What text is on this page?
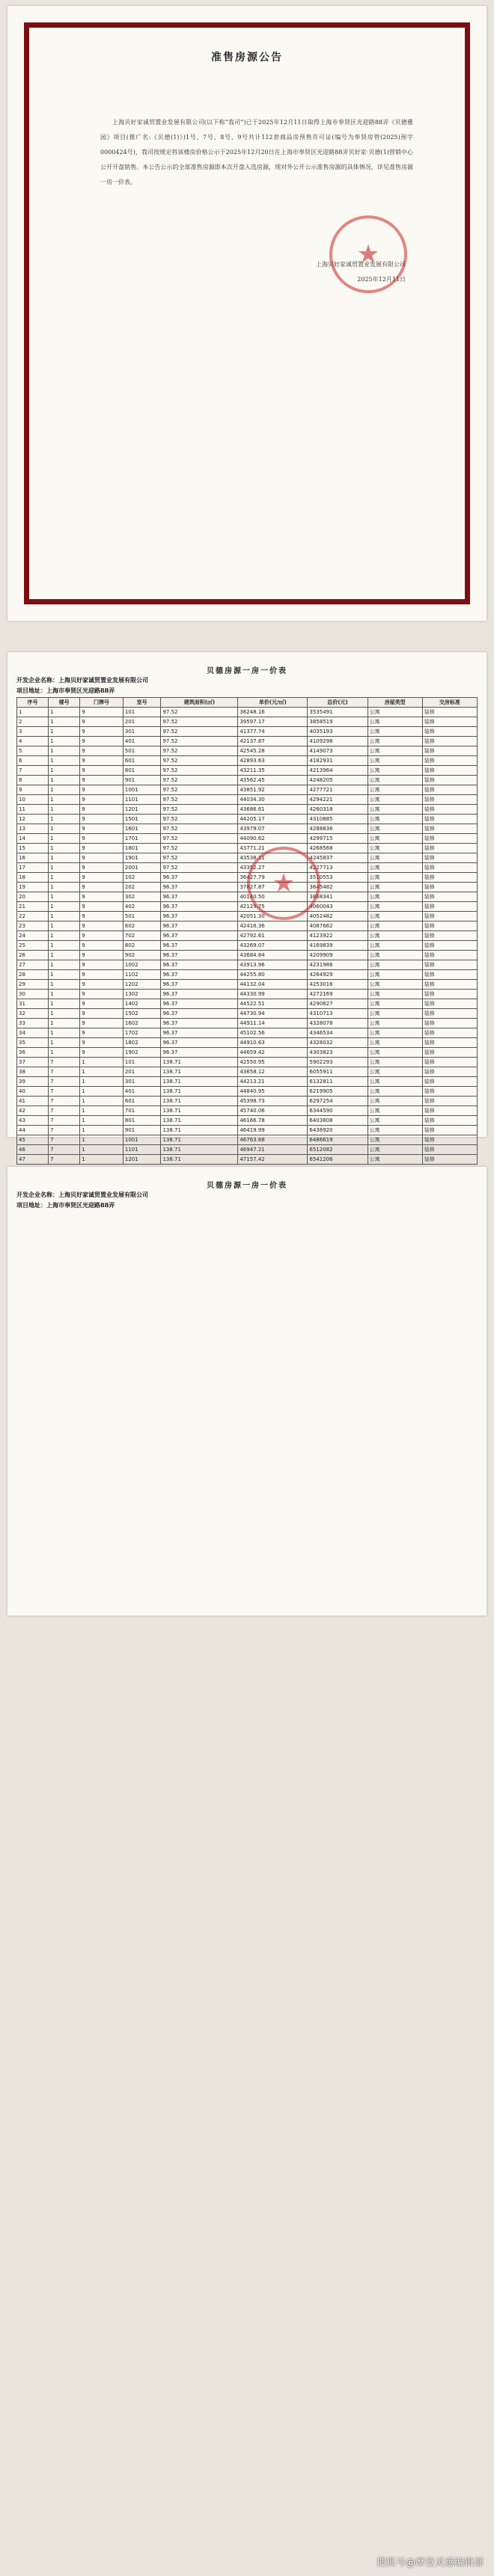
准售房源公告
上海贝好家诚贸置业发展有限公司(以下称“我司”)已于2025年12月11日取得上海市奉贤区光迎路88弄《贝德雅园》项目(推广名:《贝德(1)》)1号、7号、8号、9号共计112套商品房预售许可证(编号为奉贤房管(2025)预字0000424号)，我司按规定将该楼房价格公示于2025年12月20日在上海市奉贤区光迎路88弄贝好家·贝德(1)营销中心公开开盘销售。本公告公示的全部准售房源即本次开盘入选房源，现对外公开公示准售房源的具体情况，详见准售房源一房一价表。
上海贝好家诚贸置业发展有限公司
2025年12月11日
★
贝德房源一房一价表
开发企业名称：上海贝好家诚贸置业发展有限公司
项目地址：上海市奉贤区光迎路88弄
序号	楼号	门牌号	室号	建筑面积(㎡)	单价(元/㎡)	总价(元)	房屋类型	交房标准
1	1	9	101	97.52	36248.16	3535491	公寓	装修
2	1	9	201	97.52	39597.17	3858519	公寓	装修
3	1	9	301	97.52	41377.74	4035193	公寓	装修
4	1	9	401	97.52	42137.87	4109298	公寓	装修
5	1	9	501	97.52	42545.28	4149073	公寓	装修
6	1	9	601	97.52	42893.63	4182931	公寓	装修
7	1	9	801	97.52	43211.35	4213964	公寓	装修
8	1	9	901	97.52	43562.45	4248205	公寓	装修
9	1	9	1001	97.52	43851.92	4277721	公寓	装修
10	1	9	1101	97.52	44034.30	4294221	公寓	装修
11	1	9	1201	97.52	43686.61	4260318	公寓	装修
12	1	9	1501	97.52	44205.17	4310885	公寓	装修
13	1	9	1601	97.52	43979.07	4288836	公寓	装修
14	1	9	1701	97.52	44090.62	4299715	公寓	装修
15	1	9	1801	97.52	43771.21	4268568	公寓	装修
16	1	9	1901	97.52	43538.11	4245837	公寓	装修
17	1	9	2001	97.52	43352.27	4227713	公寓	装修
18	1	9	102	96.37	36427.79	3510553	公寓	装修
19	1	9	202	96.37	37827.87	3645482	公寓	装修
20	1	9	302	96.37	40140.50	3868341	公寓	装修
21	1	9	402	96.37	42129.75	4060043	公寓	装修
22	1	9	501	96.37	42051.30	4052482	公寓	装修
23	1	9	602	96.37	42416.36	4087662	公寓	装修
24	1	9	702	96.37	42792.61	4123922	公寓	装修
25	1	9	802	96.37	43269.07	4169839	公寓	装修
26	1	9	902	96.37	43684.84	4209909	公寓	装修
27	1	9	1002	96.37	43913.96	4231986	公寓	装修
28	1	9	1102	96.37	44255.80	4264929	公寓	装修
29	1	9	1202	96.37	44132.04	4253016	公寓	装修
30	1	9	1302	96.37	44330.99	4272169	公寓	装修
31	1	9	1402	96.37	44522.51	4290627	公寓	装修
32	1	9	1502	96.37	44730.94	4310713	公寓	装修
33	1	9	1602	96.37	44911.14	4328078	公寓	装修
34	1	9	1702	96.37	45102.56	4346534	公寓	装修
35	1	9	1802	96.37	44910.63	4328032	公寓	装修
36	1	9	1902	96.37	44659.42	4303823	公寓	装修
37	7	1	101	138.71	42550.95	5902293	公寓	装修
38	7	1	201	138.71	43658.12	6055911	公寓	装修
39	7	1	301	138.71	44213.21	6132811	公寓	装修
40	7	1	401	138.71	44840.95	6219905	公寓	装修
41	7	1	601	138.71	45398.73	6297254	公寓	装修
42	7	1	701	138.71	45740.06	6344590	公寓	装修
43	7	1	801	138.71	46166.78	6403808	公寓	装修
44	7	1	901	138.71	46419.99	6438920	公寓	装修
45	7	1	1001	138.71	46763.68	6486619	公寓	装修
46	7	1	1101	138.71	46947.21	6512082	公寓	装修
47	7	1	1201	138.71	47157.42	6541206	公寓	装修
★
贝德房源一房一价表
开发企业名称：上海贝好家诚贸置业发展有限公司
项目地址：上海市奉贤区光迎路88弄
搜狐号@摩登灵感编辑部
